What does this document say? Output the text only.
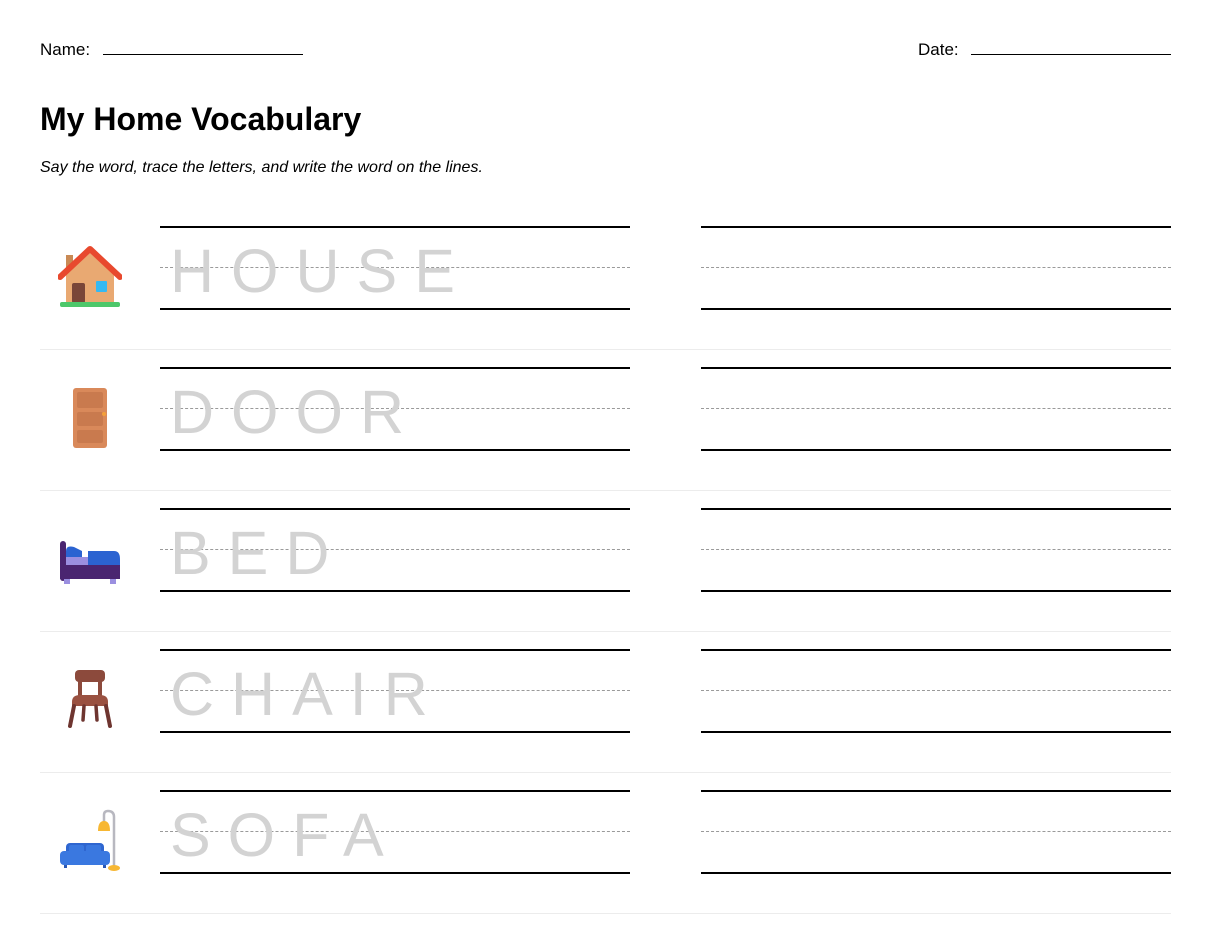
Name:	Date:
My Home Vocabulary
Say the word, trace the letters, and write the word on the lines.
HOUSE
DOOR
BED
CHAIR
SOFA
